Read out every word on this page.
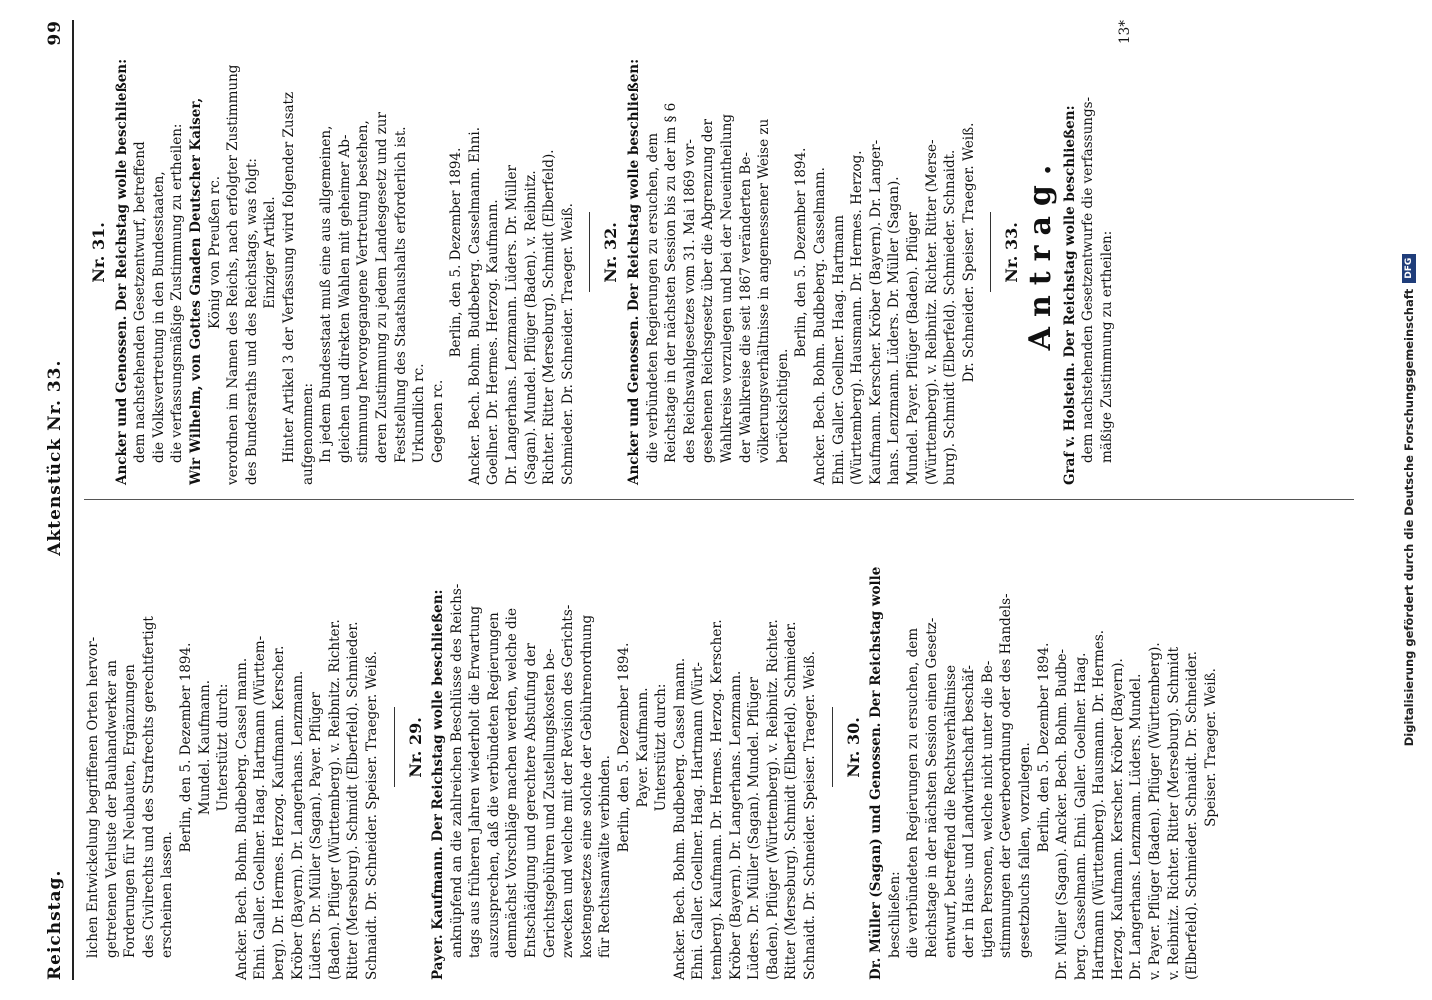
Reichstag.
Aktenstück Nr. 33.
99
lichen Entwickelung begriffenen Orten hervor- getretenen Verluste der Bauhandwerker an Forderungen für Neubauten, Ergänzungen des Civilrechts und des Strafrechts gerechtfertigt erscheinen lassen.
Berlin, den 5. Dezember 1894. Mundel. Kaufmann. Unterstützt durch: Ancker. Bech. Bohm. Budbeberg. Cassel mann. Ehni. Galler. Goellner. Haag. Hartmann (Württem- berg). Dr. Hermes. Herzog. Kaufmann. Kerscher. Kröber (Bayern). Dr. Langerhans. Lenzmann. Lüders. Dr. Müller (Sagan). Payer. Pflüger (Baden). Pflüger (Württemberg). v. Reibnitz. Richter. Ritter (Merseburg). Schmidt (Elberfeld). Schmieder. Schnaidt. Dr. Schneider. Speiser. Traeger. Weiß. Nr. 29. Payer. Kaufmann. Der Reichstag wolle beschließen: anknüpfend an die zahlreichen Beschlüsse des Reichs- tags aus früheren Jahren wiederholt die Erwartung auszusprechen, daß die verbündeten Regierungen demnächst Vorschläge machen werden, welche die Entschädigung und gerechtere Abstufung der Gerichtsgebühren und Zustellungskosten be- zwecken und welche mit der Revision des Gerichts- kostengesetzes eine solche der Gebührenordnung für Rechtsanwälte verbinden.
Berlin, den 5. Dezember 1894. Payer. Kaufmann. Unterstützt durch: Ancker. Bech. Bohm. Budbeberg. Cassel mann. Ehni. Galler. Goellner. Haag. Hartmann (Würt- temberg). Kaufmann. Dr. Hermes. Herzog. Kerscher. Kröber (Bayern). Dr. Langerhans. Lenzmann. Lüders. Dr. Müller (Sagan). Mundel. Pflüger (Baden). Pflüger (Württemberg). v. Reibnitz. Richter. Ritter (Merseburg). Schmidt (Elberfeld). Schmieder. Schnaidt. Dr. Schneider. Speiser. Traeger. Weiß. Nr. 30. Dr. Müller (Sagan) und Genossen. Der Reichstag wolle beschließen: die verbündeten Regierungen zu ersuchen, dem Reichstage in der nächsten Session einen Gesetz- entwurf, betreffend die Rechtsverhältnisse der in Haus- und Landwirthschaft beschäf- tigten Personen, welche nicht unter die Be- stimmungen der Gewerbeordnung oder des Handels- gesetzbuchs fallen, vorzulegen. Berlin, den 5. Dezember 1894. Dr. Müller (Sagan). Ancker. Bech. Bohm. Budbe- berg. Casselmann. Ehni. Galler. Goellner. Haag. Hartmann (Württemberg). Hausmann. Dr. Hermes. Herzog. Kaufmann. Kerscher. Kröber (Bayern). Dr. Langerhans. Lenzmann. Lüders. Mundel. v. Payer. Pflüger (Baden). Pflüger (Württemberg). v. Reibnitz. Richter. Ritter (Merseburg). Schmidt (Elberfeld). Schmieder. Schnaidt. Dr. Schneider. Speiser. Traeger. Weiß.
Nr. 31. Ancker und Genossen. Der Reichstag wolle beschließen: dem nachstehenden Gesetzentwurf, betreffend die Volksvertretung in den Bundesstaaten, die verfassungsmäßige Zustimmung zu ertheilen: Wir Wilhelm, von Gottes Gnaden Deutscher Kaiser, König von Preußen rc. verordnen im Namen des Reichs, nach erfolgter Zustimmung des Bundesraths und des Reichstags, was folgt: Einziger Artikel. Hinter Artikel 3 der Verfassung wird folgender Zusatz aufgenommen: In jedem Bundesstaat muß eine aus allgemeinen, gleichen und direkten Wahlen mit geheimer Ab- stimmung hervorgegangene Vertretung bestehen, deren Zustimmung zu jedem Landesgesetz und zur Feststellung des Staatshaushalts erforderlich ist. Urkundlich rc. Gegeben rc.
Berlin, den 5. Dezember 1894. Ancker. Bech. Bohm. Budbeberg. Casselmann. Ehni. Goellner. Dr. Hermes. Herzog. Kaufmann. Dr. Langerhans. Lenzmann. Lüders. Dr. Müller (Sagan). Mundel. Pflüger (Baden). v. Reibnitz. Richter. Ritter (Merseburg). Schmidt (Elberfeld). Schmieder. Dr. Schneider. Traeger. Weiß. Nr. 32. Ancker und Genossen. Der Reichstag wolle beschließen: die verbündeten Regierungen zu ersuchen, dem Reichstage in der nächsten Session bis zu der im § 6 des Reichswahlgesetzes vom 31. Mai 1869 vor- gesehenen Reichsgesetz über die Abgrenzung der Wahlkreise vorzulegen und bei der Neueintheilung der Wahlkreise die seit 1867 veränderten Be- völkerungsverhältnisse in angemessener Weise zu berücksichtigen.
Berlin, den 5. Dezember 1894. Ancker. Bech. Bohm. Budbeberg. Casselmann. Ehni. Galler. Goellner. Haag. Hartmann (Württemberg). Hausmann. Dr. Hermes. Herzog. Kaufmann. Kerscher. Kröber (Bayern). Dr. Langer- hans. Lenzmann. Lüders. Dr. Müller (Sagan). Mundel. Payer. Pflüger (Baden). Pflüger (Württemberg). v. Reibnitz. Richter. Ritter (Merse- burg). Schmidt (Elberfeld). Schmieder. Schnaidt. Dr. Schneider. Speiser. Traeger. Weiß. Nr. 33. Antrag. Graf v. Holstein. Der Reichstag wolle beschließen: dem nachstehenden Gesetzentwurfe die verfassungs- mäßige Zustimmung zu ertheilen:
13*
Digitalisierung gefördert durch die Deutsche Forschungsgemeinschaft
DFG
